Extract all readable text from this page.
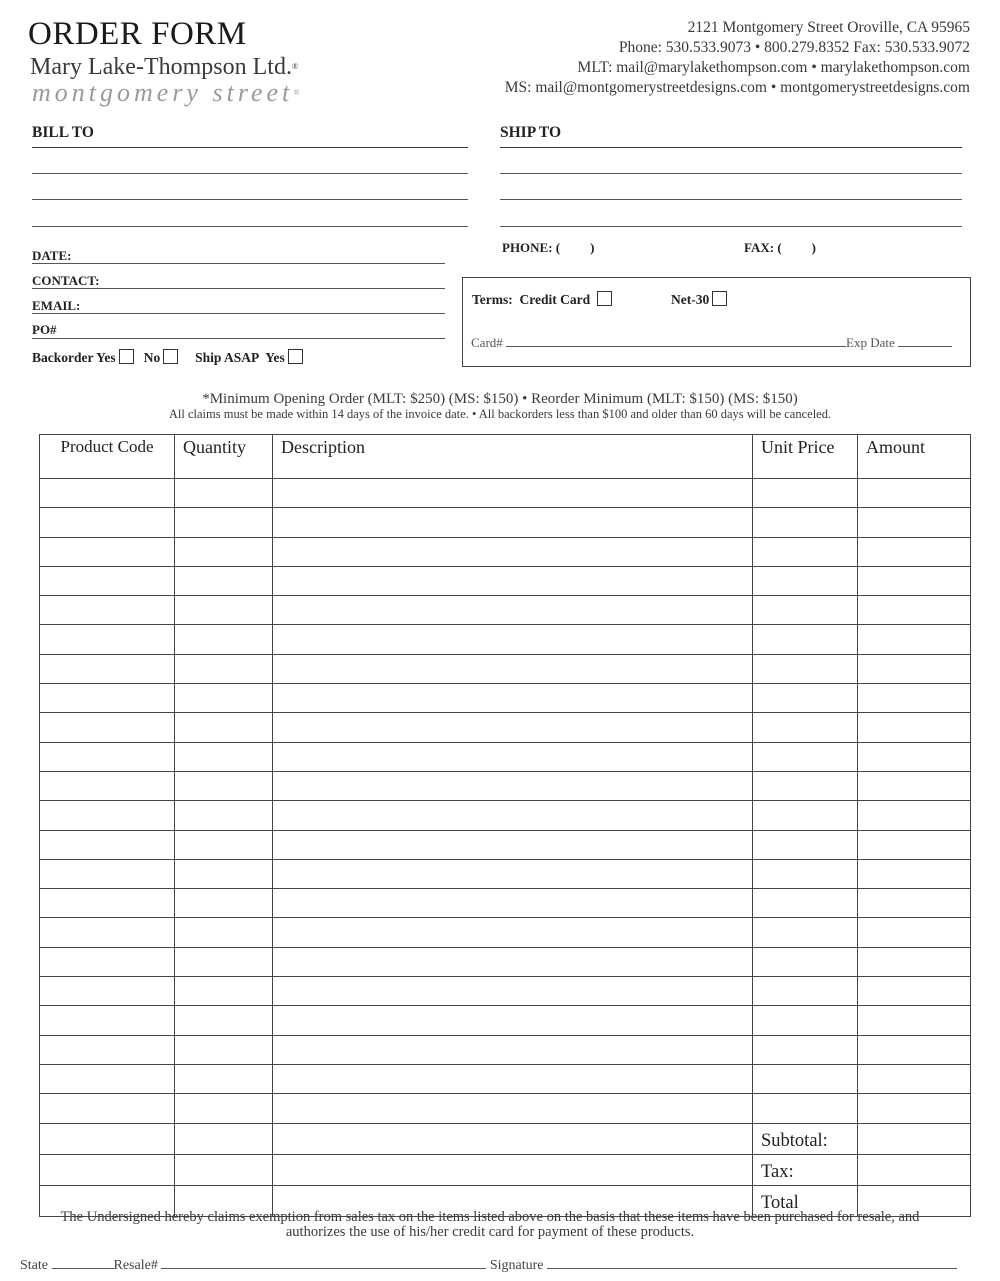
ORDER FORM
Mary Lake-Thompson Ltd.®
montgomery street®
2121 Montgomery Street Oroville, CA 95965
Phone: 530.533.9073 • 800.279.8352 Fax: 530.533.9072
MLT: mail@marylakethompson.com • marylakethompson.com
MS: mail@montgomerystreetdesigns.com • montgomerystreetdesigns.com
BILL TO	SHIP TO
PHONE: ( )	FAX: ( )
DATE:
CONTACT:
EMAIL:
PO#
Backorder Yes No	Ship ASAP Yes
Terms: Credit Card	Net-30
Card#	Exp Date
*Minimum Opening Order (MLT: $250) (MS: $150) • Reorder Minimum (MLT: $150) (MS: $150)
All claims must be made within 14 days of the invoice date. • All backorders less than $100 and older than 60 days will be canceled.
Product Code	Quantity	Description	Unit Price	Amount

			Subtotal:	
			Tax:	
			Total	
The Undersigned hereby claims exemption from sales tax on the items listed above on the basis that these items have been purchased for resale, and authorizes the use of his/her credit card for payment of these products.
State	Resale#	Signature
